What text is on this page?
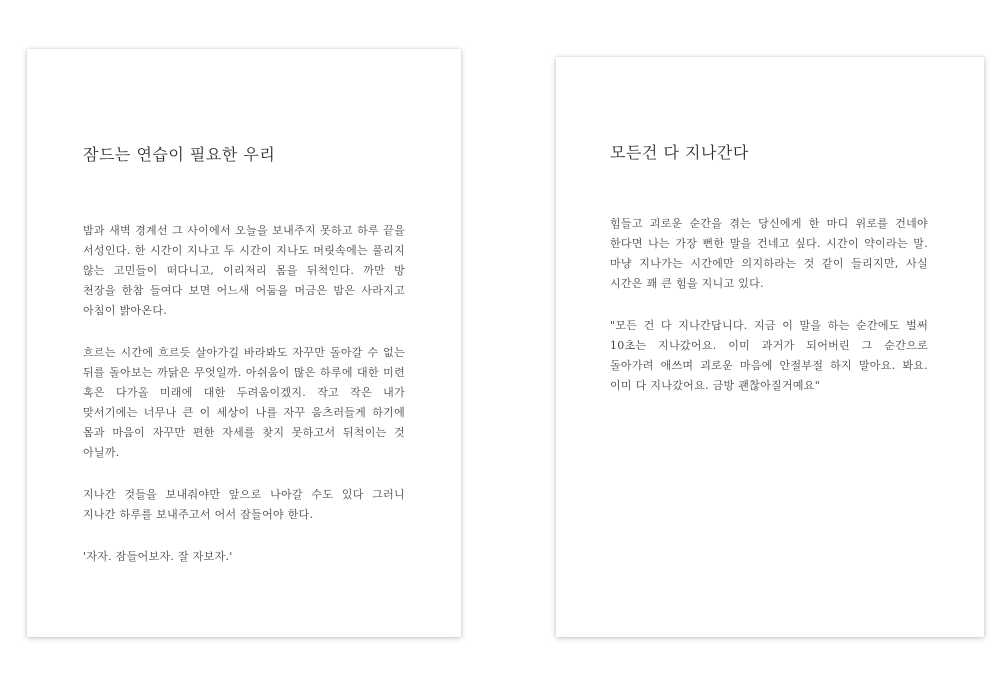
잠드는 연습이 필요한 우리

밤과 새벽 경계선 그 사이에서 오늘을 보내주지 못하고 하루 끝을 서성인다. 한 시간이 지나고 두 시간이 지나도 머릿속에는 풀리지 않는 고민들이 떠다니고, 이리저리 몸을 뒤척인다. 까만 방 천장을 한참 들여다 보면 어느새 어둠을 머금은 밤은 사라지고 아침이 밝아온다.

흐르는 시간에 흐르듯 살아가길 바라봐도 자꾸만 돌아갈 수 없는 뒤를 돌아보는 까닭은 무엇일까. 아쉬움이 많은 하루에 대한 미련 혹은 다가올 미래에 대한 두려움이겠지. 작고 작은 내가 맞서기에는 너무나 큰 이 세상이 나를 자꾸 움츠러들게 하기에 몸과 마음이 자꾸만 편한 자세를 찾지 못하고서 뒤척이는 것 아닐까.

지나간 것들을 보내줘야만 앞으로 나아갈 수도 있다 그러니 지나간 하루를 보내주고서 어서 잠들어야 한다.

'자자. 잠들어보자. 잘 자보자.'

모든건 다 지나간다

힘들고 괴로운 순간을 겪는 당신에게 한 마디 위로를 건네야 한다면 나는 가장 뻔한 말을 건네고 싶다. 시간이 약이라는 말. 마냥 지나가는 시간에만 의지하라는 것 같이 들리지만, 사실 시간은 꽤 큰 힘을 지니고 있다.

"모든 건 다 지나간답니다. 지금 이 말을 하는 순간에도 벌써 10초는 지나갔어요. 이미 과거가 되어버린 그 순간으로 돌아가려 애쓰며 괴로운 마음에 안절부절 하지 말아요. 봐요. 이미 다 지나갔어요. 금방 괜찮아질거예요"
